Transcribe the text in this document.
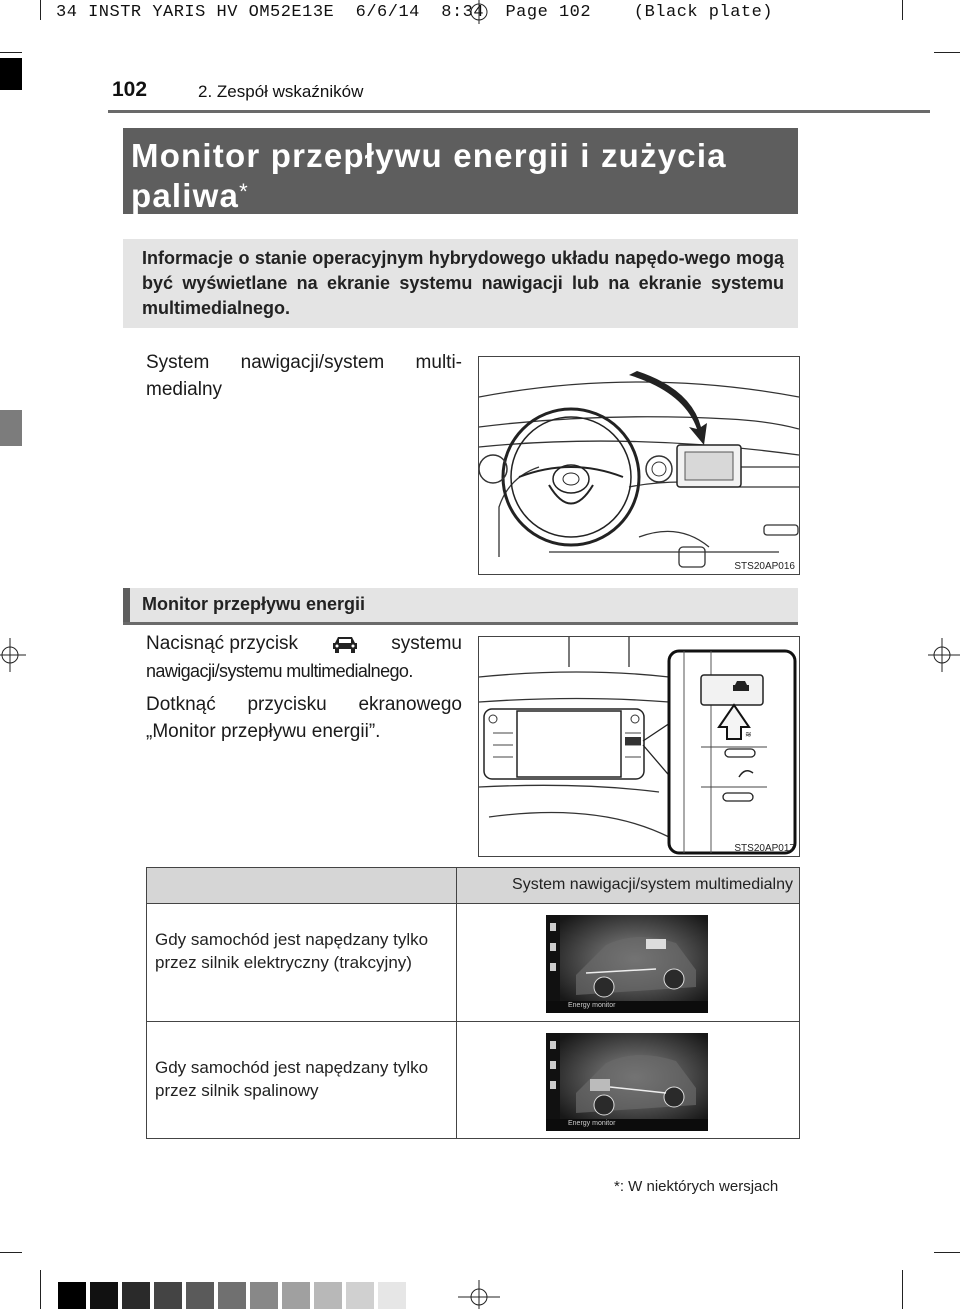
34 INSTR YARIS HV OM52E13E  6/6/14  8:34  Page 102    (Black plate)
102	2. Zespół wskaźników
Monitor przepływu energii i zużycia
paliwa*
Informacje o stanie operacyjnym hybrydowego układu napędo-wego mogą być wyświetlane na ekranie systemu nawigacji lub na ekranie systemu multimedialnego.
System nawigacji/system multi-medialny
STS20AP016
Monitor przepływu energii
Nacisnąć przycisk	systemu
nawigacji/systemu multimedialnego.
Dotknąć przycisku ekranowego „Monitor przepływu energii”.	≋
STS20AP017
System nawigacji/system multimedialny
Gdy samochód jest napędzany tylko przez silnik elektryczny (trakcyjny)
Energy monitor
Gdy samochód jest napędzany tylko przez silnik spalinowy
Energy monitor
*: W niektórych wersjach
